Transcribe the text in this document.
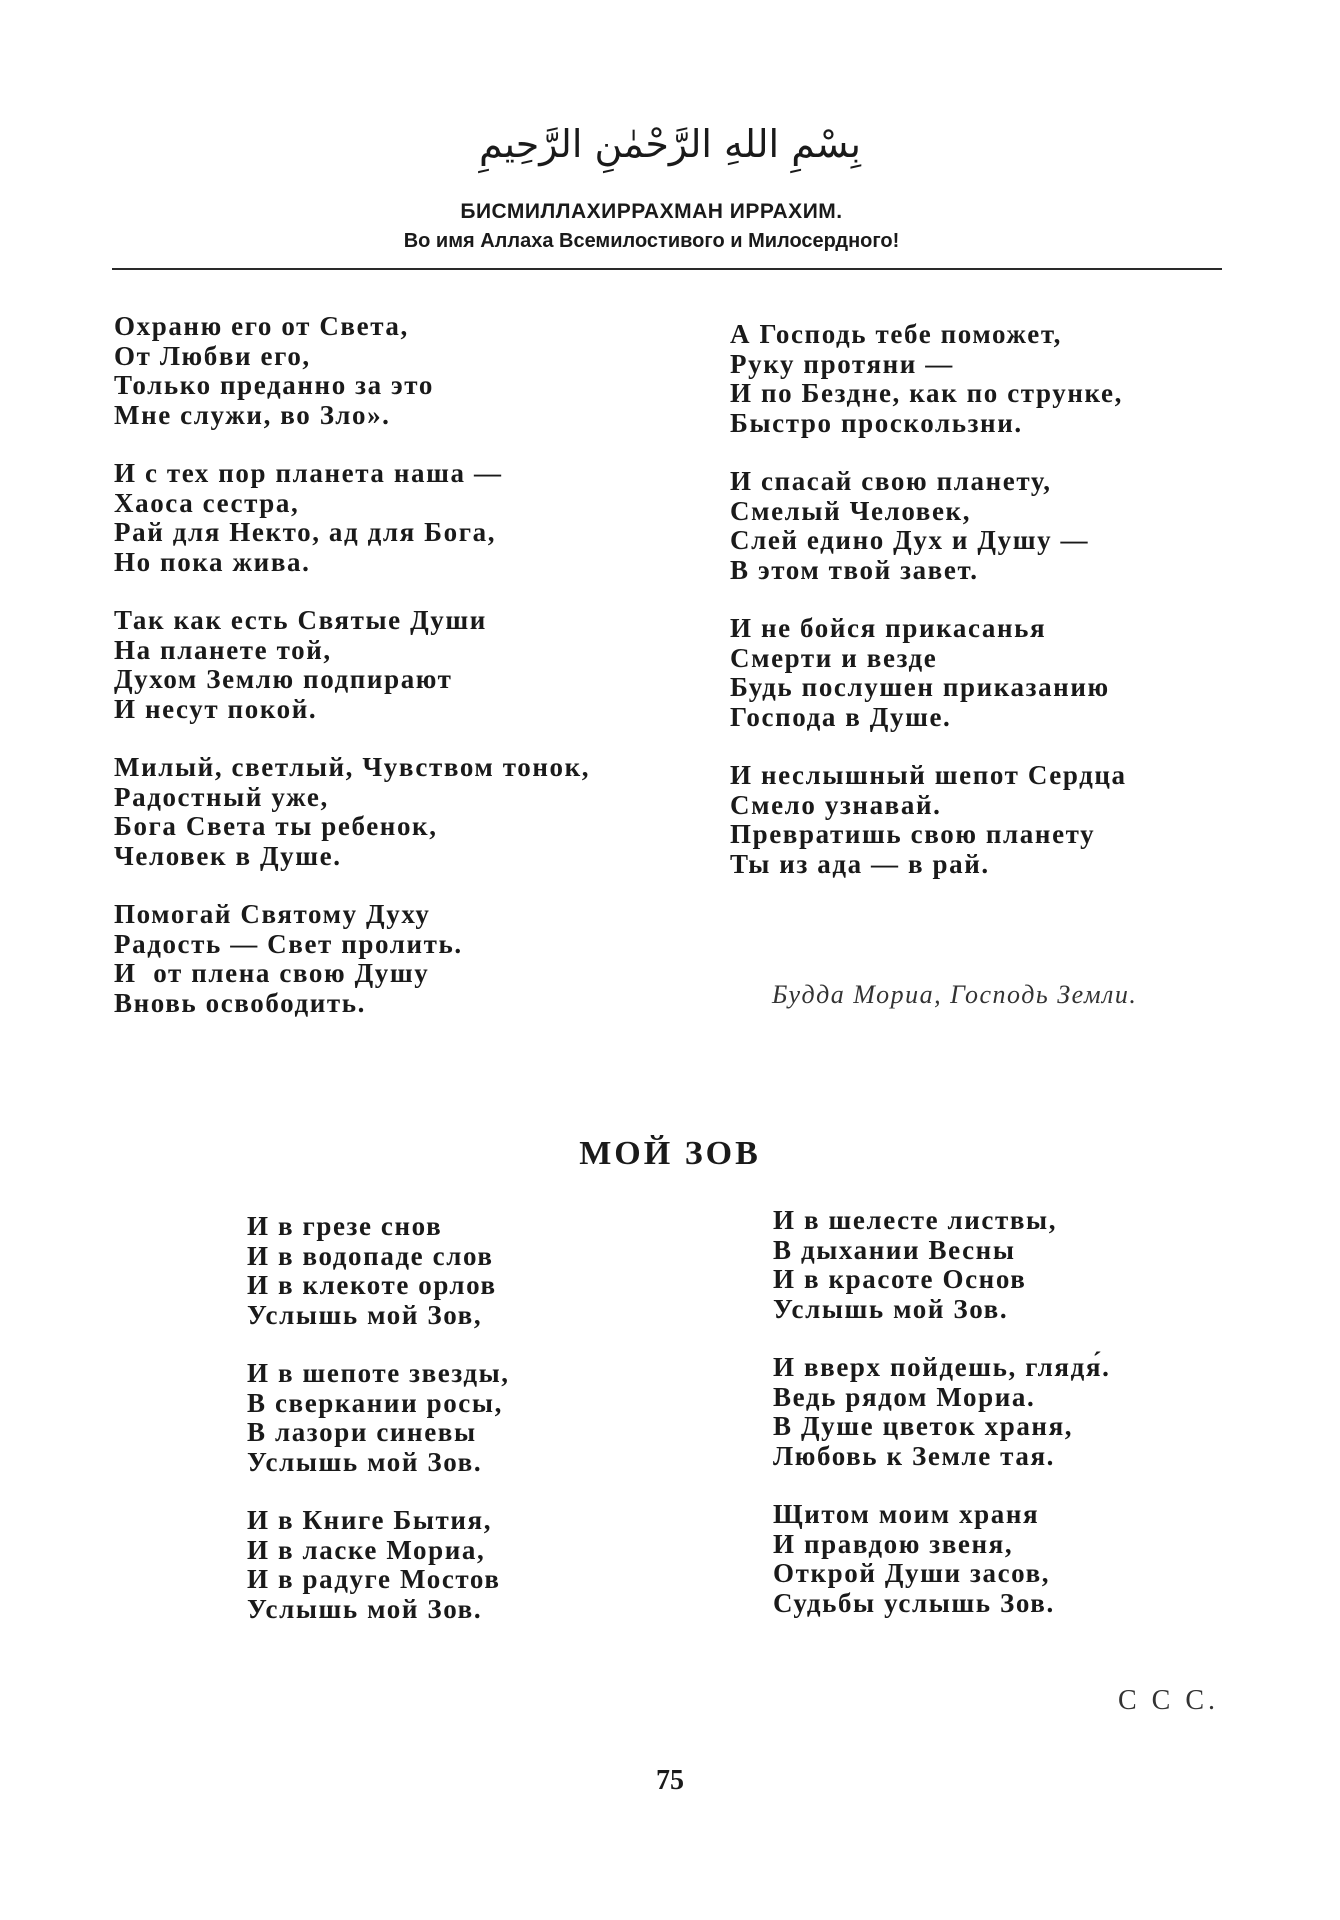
بِسْمِ اللهِ الرَّحْمٰنِ الرَّحِيمِ
БИСМИЛЛАХИРРАХМАН ИРРАХИМ.
Во имя Аллаха Всемилостивого и Милосердного!
Охраню его от Света,
От Любви его,
Только преданно за это
Мне служи, во Зло».
И с тех пор планета наша —
Хаоса сестра,
Рай для Некто, ад для Бога,
Но пока жива.
Так как есть Святые Души
На планете той,
Духом Землю подпирают
И несут покой.
Милый, светлый, Чувством тонок,
Радостный уже,
Бога Света ты ребенок,
Человек в Душе.
Помогай Святому Духу
Радость — Свет пролить.
И  от плена свою Душу
Вновь освободить.
А Господь тебе поможет,
Руку протяни —
И по Бездне, как по струнке,
Быстро проскользни.
И спасай свою планету,
Смелый Человек,
Слей едино Дух и Душу —
В этом твой завет.
И не бойся прикасанья
Смерти и везде
Будь послушен приказанию
Господа в Душе.
И неслышный шепот Сердца
Смело узнавай.
Превратишь свою планету
Ты из ада — в рай.
Будда Мориа, Господь Земли.
МОЙ ЗОВ
И в грезе снов
И в водопаде слов
И в клекоте орлов
Услышь мой Зов,
И в шепоте звезды,
В сверкании росы,
В лазори синевы
Услышь мой Зов.
И в Книге Бытия,
И в ласке Мориа,
И в радуге Мостов
Услышь мой Зов.
И в шелесте листвы,
В дыхании Весны
И в красоте Основ
Услышь мой Зов.
И вверх пойдешь, глядя́.
Ведь рядом Мориа.
В Душе цветок храня,
Любовь к Земле тая.
Щитом моим храня
И правдою звеня,
Открой Души засов,
Судьбы услышь Зов.
С С С.
75
